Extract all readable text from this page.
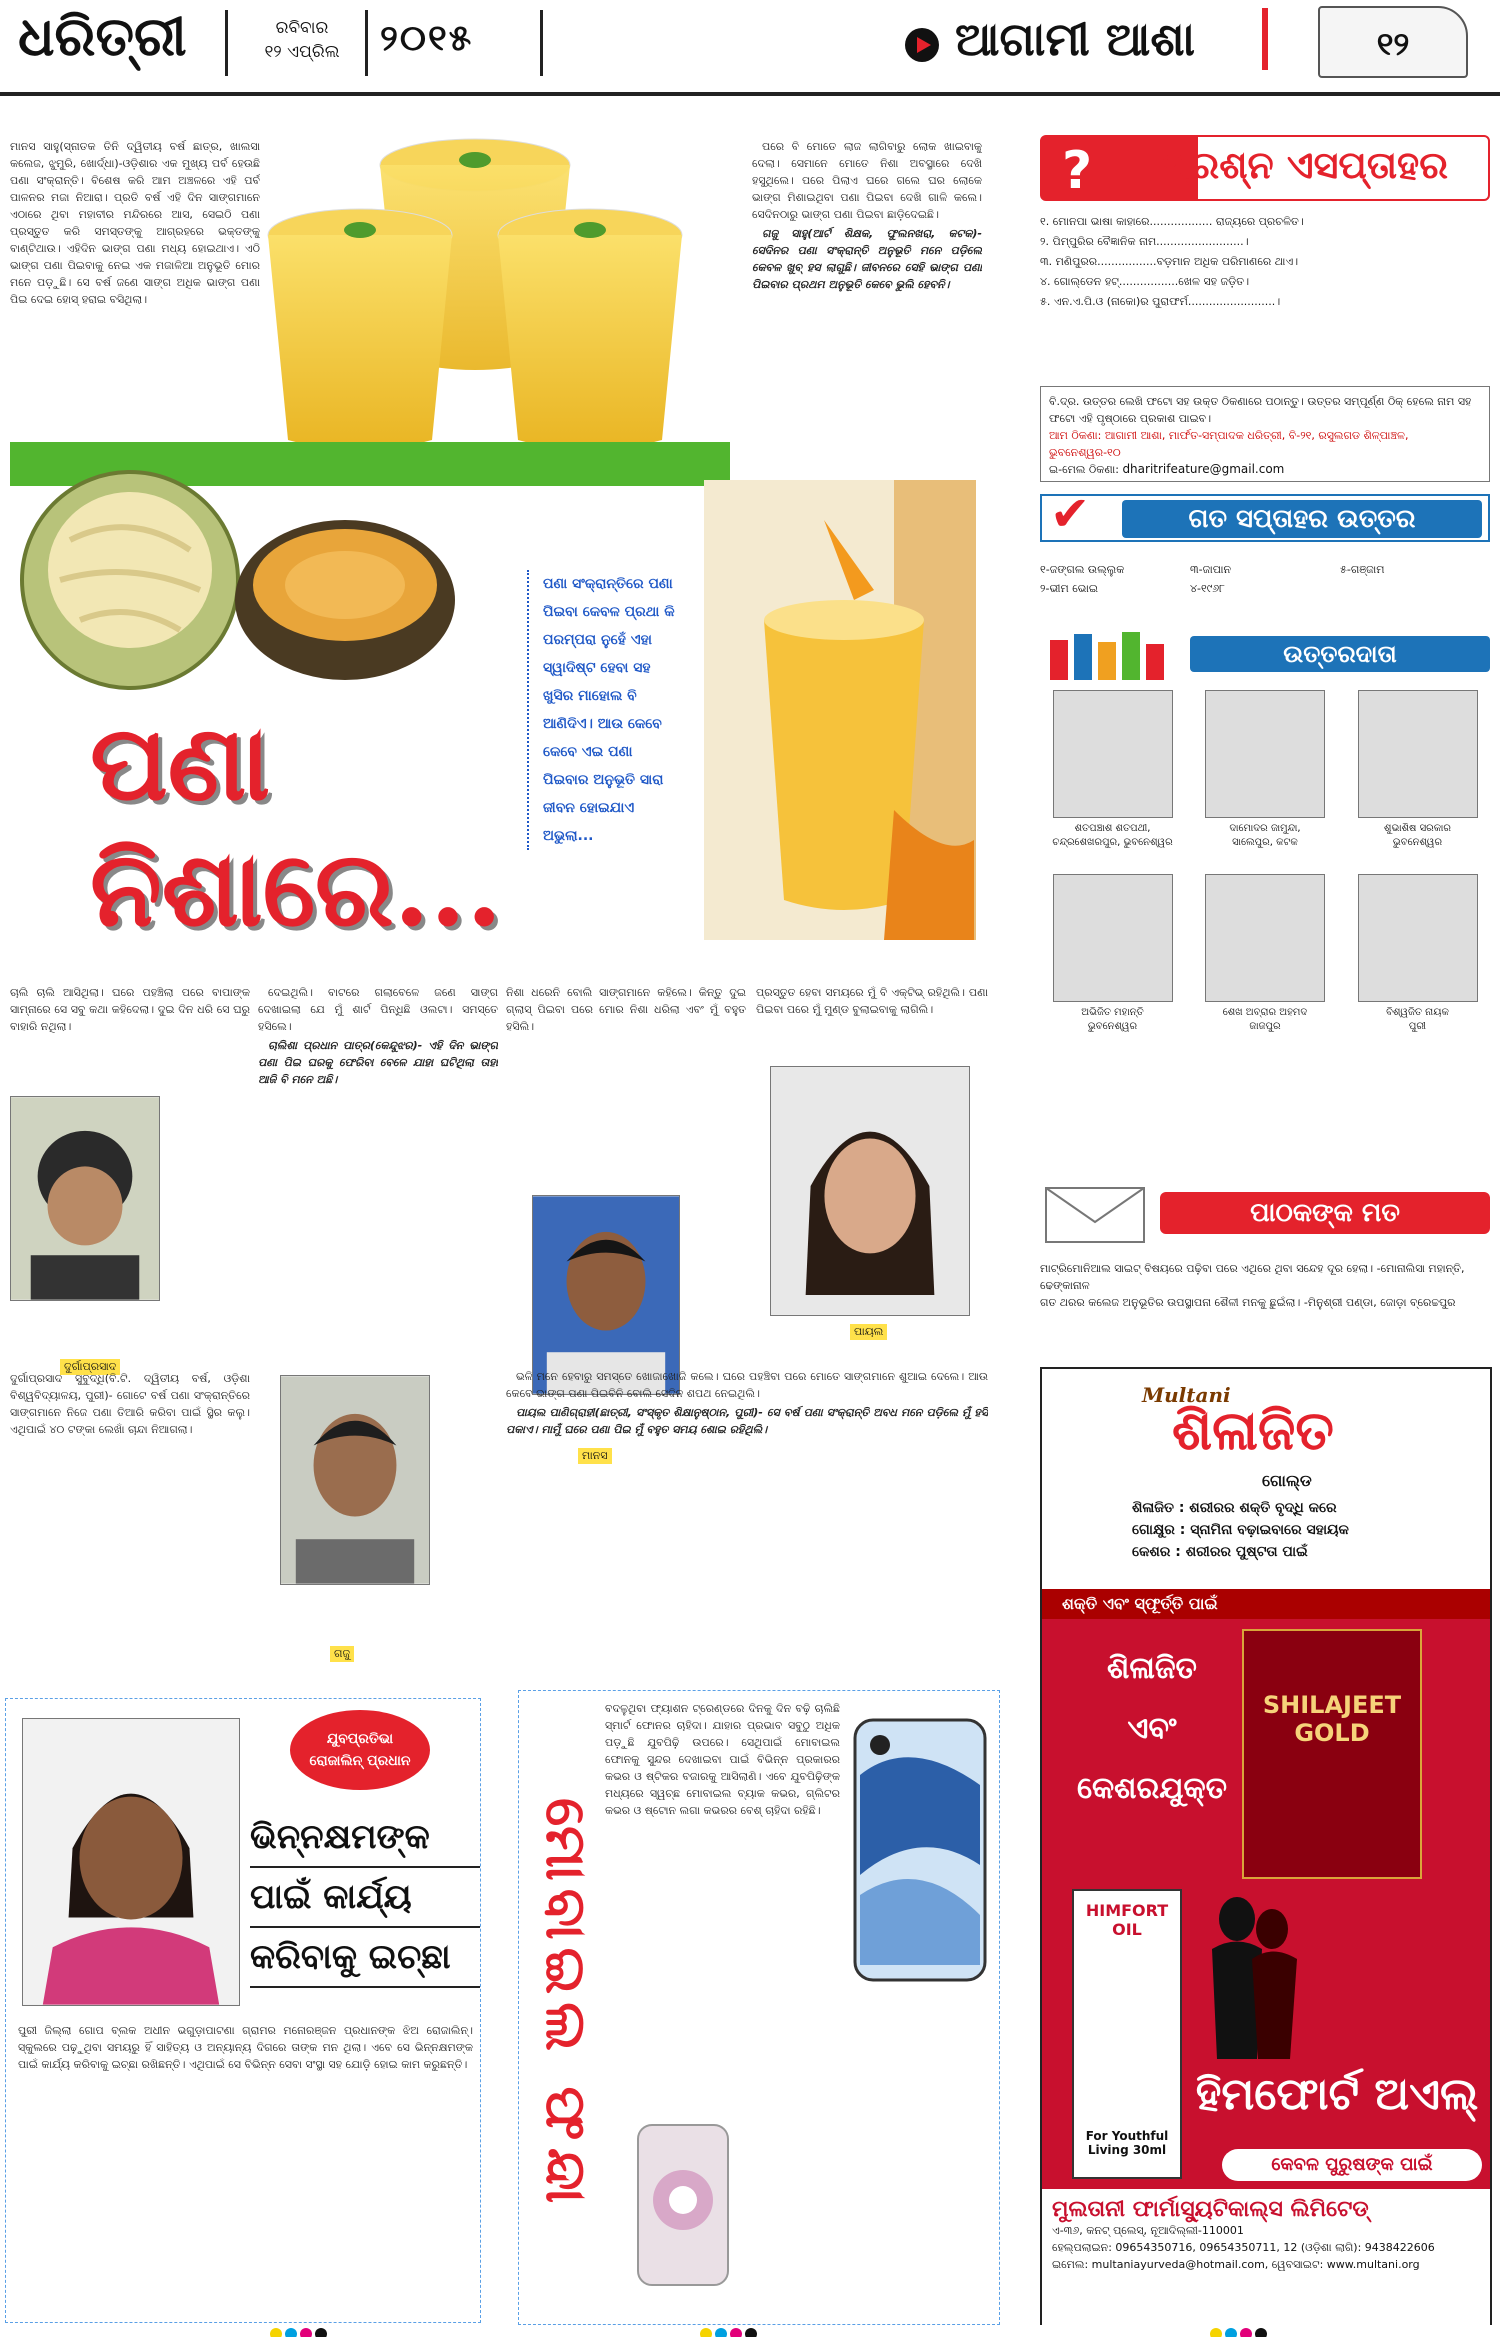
ଧରିତ୍ରୀ	ରବିବାର
୧୨ ଏପ୍ରିଲ	୨୦୧୫	ଆଗାମୀ ଆଶା	୧୨
ମାନସ ସାହୁ(ସ୍ନାତକ ତିନି ଦ୍ୱିତୀୟ ବର୍ଷ ଛାତ୍ର, ଖାଲସା କଲେଜ, ଝୁମୁରି, ଖୋର୍ଦ୍ଧା)-ଓଡ଼ିଶାର ଏକ ମୁଖ୍ୟ ପର୍ବ ହେଉଛି ପଣା ସଂକ୍ରାନ୍ତି। ବିଶେଷ କରି ଆମ ଅଞ୍ଚଳରେ ଏହି ପର୍ବ ପାଳନର ମଜା ନିଆରା। ପ୍ରତି ବର୍ଷ ଏହି ଦିନ ସାଙ୍ଗମାନେ ଏଠାରେ ଥିବା ମହାବୀର ମନ୍ଦିରରେ ଆସ, ସେଇଠି ପଣା ପ୍ରସ୍ତୁତ କରି ସମସ୍ତଙ୍କୁ ଆଗ୍ରହରେ ଭକ୍ତଙ୍କୁ ବାଣ୍ଟିଥାଉ। ଏହିଦିନ ଭାଙ୍ଗ ପଣା ମଧ୍ୟ ହୋଇଥାଏ। ଏଠି ଭାଙ୍ଗ ପଣା ପିଇବାକୁ ନେଇ ଏକ ମଜାଳିଆ ଅନୁଭୂତି ମୋର ମନେ ପଡ଼ୁଛି। ସେ ବର୍ଷ ଜଣେ ସାଙ୍ଗ ଅଧିକ ଭାଙ୍ଗ ପଣା ପିଇ ଦେଇ ହୋସ୍ ହରାଇ ବସିଥିଲା।
ପଣା
ନିଶାରେ...
ପଣା ସଂକ୍ରାନ୍ତିରେ ପଣା ପିଇବା କେବଳ ପ୍ରଥା କି ପରମ୍ପରା ନୁହେଁ ଏହା ସ୍ୱାଦିଷ୍ଟ ହେବା ସହ ଖୁସିର ମାହୋଲ ବି ଆଣିଦିଏ। ଆଉ କେବେ କେବେ ଏଇ ପଣା ପିଇବାର ଅନୁଭୂତି ସାରା ଜୀବନ ହୋଇଯାଏ ଅଭୁଲା...

ପରେ ବି ମୋତେ ଲାଜ ଲାଗିବାରୁ ଲୋକ ଖାଇବାକୁ ଦେଲା। ସେମାନେ ମୋତେ ନିଶା ଅବସ୍ଥାରେ ଦେଖି ହସୁଥିଲେ। ପରେ ପିଲାଏ ଘରେ ଗଲେ ଘର ଲୋକେ ଭାଙ୍ଗ ମିଶାଇଥିବା ପଣା ପିଇବା ଦେଖି ଗାଳି କଲେ। ସେଦିନଠାରୁ ଭାଙ୍ଗ ପଣା ପିଇବା ଛାଡ଼ିଦେଇଛି।

ଗଜୁ ସାହୁ(ଆର୍ଟ ଶିକ୍ଷକ, ଫୁଲନଖରା, କଟକ)- ସେଦିନର ପଣା ସଂକ୍ରାନ୍ତି ଅନୁଭୂତି ମନେ ପଡ଼ିଲେ କେବଳ ଖୁବ୍ ହସ ଲାଗୁଛି। ଜୀବନରେ ସେହି ଭାଙ୍ଗ ପଣା ପିଇବାର ପ୍ରଥମ ଅନୁଭୂତି କେବେ ଭୁଲି ହେବନି।

ଚାଲି ଚାଲି ଆସିଥିଲା। ଘରେ ପହଞ୍ଚିଲା ପରେ ବାପାଙ୍କ ସାମ୍ନାରେ ସେ ସବୁ କଥା କହିଦେଲା। ଦୁଇ ଦିନ ଧରି ସେ ଘରୁ ବାହାରି ନଥିଲା।
ଦୁର୍ଗାପ୍ରସାଦ
ଦୁର୍ଗାପ୍ରସାଦ ସୁବୁଦ୍ଧି(ବି.ଟି. ଦ୍ୱିତୀୟ ବର୍ଷ, ଓଡ଼ିଶା ବିଶ୍ୱବିଦ୍ୟାଳୟ, ପୁରୀ)- ଗୋଟେ ବର୍ଷ ପଣା ସଂକ୍ରାନ୍ତିରେ ସାଙ୍ଗମାନେ ନିଜେ ପଣା ତିଆରି କରିବା ପାଇଁ ସ୍ଥିର କଲୁ। ଏଥିପାଇଁ ୪୦ ଟଙ୍କା ଲେଖାଁ ଚାନ୍ଦା ନିଆଗଲା।

ଦେଇଥିଲି। ବାଟରେ ଗଲାବେଳେ ଜଣେ ସାଙ୍ଗ ଦେଖାଇଲା ଯେ ମୁଁ ଶାର୍ଟ ପିନ୍ଧିଛି ଓଲଟା। ସମସ୍ତେ ହସିଲେ।

ଚାଲିଶା ପ୍ରଧାନ ପାତ୍ର(କେନ୍ଦୁଝର)- ଏହି ଦିନ ଭାଙ୍ଗ ପଣା ପିଇ ଘରକୁ ଫେରିବା ବେଳେ ଯାହା ଘଟିଥିଲା ତାହା ଆଜି ବି ମନେ ଅଛି।

ଗଜୁ
ମାନସ
ନିଶା ଧରେନି ବୋଲି ସାଙ୍ଗମାନେ କହିଲେ। କିନ୍ତୁ ଦୁଇ ଗ୍ଲାସ୍ ପିଇବା ପରେ ମୋର ନିଶା ଧରିଲା ଏବଂ ମୁଁ ବହୁତ ହସିଲି।
ପ୍ରସ୍ତୁତ ହେବା ସମୟରେ ମୁଁ ବି ଏକ୍ଟିଭ୍ ରହିଥିଲି। ପଣା ପିଇବା ପରେ ମୁଁ ମୁଣ୍ଡ ବୁଲାଇବାକୁ ଲାଗିଲି।
ପାୟଲ

ଭଳି ମନେ ହେବାରୁ ସମସ୍ତେ ଖୋଜାଖୋଜି କଲେ। ଘରେ ପହଞ୍ଚିବା ପରେ ମୋତେ ସାଙ୍ଗମାନେ ଶୁଆଇ ଦେଲେ। ଆଉ କେବେ ଭାଙ୍ଗ ପଣା ପିଇବିନି ବୋଲି ସେଦିନ ଶପଥ ନେଇଥିଲି।

ପାୟଲ ପାଣିଗ୍ରାହୀ(ଛାତ୍ରୀ, ସଂସ୍କୃତ ଶିକ୍ଷାନୁଷ୍ଠାନ, ପୁରୀ)- ସେ ବର୍ଷ ପଣା ସଂକ୍ରାନ୍ତି ଅବଧ ମନେ ପଡ଼ିଲେ ମୁଁ ହସି ପକାଏ। ମାମୁଁ ଘରେ ପଣା ପିଇ ମୁଁ ବହୁତ ସମୟ ଶୋଇ ରହିଥିଲି।

ଯୁବପ୍ରତିଭା
ରୋଜାଲିନ୍ ପ୍ରଧାନ
ଭିନ୍ନକ୍ଷମଙ୍କ
ପାଇଁ କାର୍ଯ୍ୟ
କରିବାକୁ ଇଚ୍ଛା
ପୁରୀ ଜିଲ୍ଲା ଗୋପ ବ୍ଲକ ଅଧୀନ ଭଗୁଡ଼ାପାଟଣା ଗ୍ରାମର ମନୋରଞ୍ଜନ ପ୍ରଧାନଙ୍କ ଝିଅ ରୋଜାଲିନ୍। ସ୍କୁଲରେ ପଢ଼ୁଥିବା ସମୟରୁ ହିଁ ସାହିତ୍ୟ ଓ ଅନ୍ୟାନ୍ୟ ଦିଗରେ ତାଙ୍କ ମନ ଥିଲା। ଏବେ ସେ ଭିନ୍ନକ୍ଷମଙ୍କ ପାଇଁ କାର୍ଯ୍ୟ କରିବାକୁ ଇଚ୍ଛା ରଖିଛନ୍ତି। ଏଥିପାଇଁ ସେ ବିଭିନ୍ନ ସେବା ସଂସ୍ଥା ସହ ଯୋଡ଼ି ହୋଇ କାମ କରୁଛନ୍ତି। ମୋବାଇଲ ଫନ୍ଦା
ବଦଳୁଥିବା ଫ୍ୟାଶନ ଟ୍ରେଣ୍ଡରେ ଦିନକୁ ଦିନ ବଢ଼ି ଚାଲିଛି ସ୍ମାର୍ଟ ଫୋନର ଚାହିଦା। ଯାହାର ପ୍ରଭାବ ସବୁଠୁ ଅଧିକ ପଡ଼ୁଛି ଯୁବପିଢ଼ି ଉପରେ। ସେଥିପାଇଁ ମୋବାଇଲ ଫୋନକୁ ସୁନ୍ଦର ଦେଖାଇବା ପାଇଁ ବିଭିନ୍ନ ପ୍ରକାରର କଭର ଓ ଷ୍ଟିକର ବଜାରକୁ ଆସିଲାଣି। ଏବେ ଯୁବପିଢ଼ିଙ୍କ ମଧ୍ୟରେ ସ୍ୱଚ୍ଛ ମୋବାଇଲ ବ୍ୟାକ କଭର, ଗ୍ଲିଟର କଭର ଓ ଷ୍ଟୋନ ଲଗା କଭରର ବେଶ୍ ଚାହିଦା ରହିଛି।
? ପ୍ରଶ୍ନ ଏସପ୍ତାହର
୧. ମୋନପା ଭାଷା କାହାରେ.................. ରାଜ୍ୟରେ ପ୍ରଚଳିତ।
୨. ପିମ୍ପୁରିର ବୈଜ୍ଞାନିକ ନାମ.........................।
୩. ମଣିପୁରର.................ବଡ଼ମାନ ଅଧିକ ପରିମାଣରେ ଥାଏ।
୪. ଗୋଲ୍ଡେନ ହଟ୍.................ଖେଳ ସହ ଜଡ଼ିତ।
୫. ଏନ.ଏ.ପି.ଓ (ନାକୋ)ର ପୁରାଫର୍ମ.........................।
ବି.ଦ୍ର. ଉତ୍ତର ଲେଖି ଫଟୋ ସହ ଉକ୍ତ ଠିକଣାରେ ପଠାନ୍ତୁ। ଉତ୍ତର ସମ୍ପୂର୍ଣ୍ଣ ଠିକ୍ ହେଲେ ନାମ ସହ ଫଟୋ ଏହି ପୃଷ୍ଠାରେ ପ୍ରକାଶ ପାଇବ।
ଆମ ଠିକଣା: ଆଗାମୀ ଆଶା, ମାର୍ଫତ-ସମ୍ପାଦକ ଧରିତ୍ରୀ, ବି-୨୧, ରସୁଲଗଡ ଶିଳ୍ପାଞ୍ଚଳ, ଭୁବନେଶ୍ୱର-୧୦
ଇ-ମେଲ ଠିକଣା: dharitrifeature@gmail.com
✔	ଗତ ସପ୍ତାହର ଉତ୍ତର
୧-ଜଙ୍ଗଲ ଉଲ୍ଲୁକ	୩-ଜାପାନ	୫-ଗଞ୍ଜାମ
୨-ଭୀମ ଭୋଇ	୪-୧୯୬୮
ଉତ୍ତରଦାତା
ଶତପଞ୍ଚାଶ ଶତପଥୀ,
ଚନ୍ଦ୍ରଶେଖରପୁର, ଭୁବନେଶ୍ୱର
ଦାମୋଦର ଜାମୁନ୍ଦା,
ସାଲେପୁର, କଟକ
ଶୁଭାଶିଷ ସରକାର
ଭୁବନେଶ୍ୱର
ଅଭିଜିତ ମହାନ୍ତି
ଭୁବନେଶ୍ୱର
ଶେଖ ଅବ୍ରାର ଅହମଦ
ଜାଜପୁର
ବିଶ୍ୱଜିତ ନାୟକ
ପୁରୀ
ପାଠକଙ୍କ ମତ
ମାଟ୍ରିମୋନିଆଲ ସାଇଟ୍ ବିଷୟରେ ପଢ଼ିବା ପରେ ଏଥିରେ ଥିବା ସନ୍ଦେହ ଦୂର ହେଲା। -ମୋନାଲିସା ମହାନ୍ତି, ଢେଙ୍କାନାଳ
ଗତ ଥରର କଲେଜ ଅନୁଭୂତିର ଉପସ୍ଥାପନା ଶୈଳୀ ମନକୁ ଛୁଇଁଲା। -ମିନୁଶ୍ରୀ ପଣ୍ଡା, ଜୋଡ଼ା ବ୍ରେଚ୍ଚପୁର
Multani
ଶିଳାଜିତ
ଗୋଲ୍ଡ
ଶିଳାଜିତ : ଶରୀରର ଶକ୍ତି ବୃଦ୍ଧି କରେ
ଗୋକ୍ଷୁର : ସ୍ନାମିନା ବଢ଼ାଇବାରେ ସହାୟକ
କେଶର : ଶରୀରର ପୁଷ୍ଟତା ପାଇଁ
ଶକ୍ତି ଏବଂ ସ୍ଫୂର୍ତ୍ତି ପାଇଁ
ଶିଳାଜିତ
ଏବଂ
କେଶରଯୁକ୍ତ
SHILAJEET GOLD
HIMFORT OIL
For Youthful Living 30ml
ହିମଫୋର୍ଟ ଅଏଲ୍
କେବଳ ପୁରୁଷଙ୍କ ପାଇଁ
ମୁଲତାନୀ ଫାର୍ମାସ୍ୟୁଟିକାଲ୍ସ ଲିମିଟେଡ୍
ଏ-୩୬, କନଟ୍ ପ୍ଲେସ୍, ନୂଆଦିଲ୍ଲୀ-110001
ହେଲ୍ପଲାଇନ: 09654350716, 09654350711, 12 (ଓଡ଼ିଶା ଲାଗି): 9438422606
ଇମେଲ: multaniayurveda@hotmail.com, ୱେବସାଇଟ: www.multani.org
